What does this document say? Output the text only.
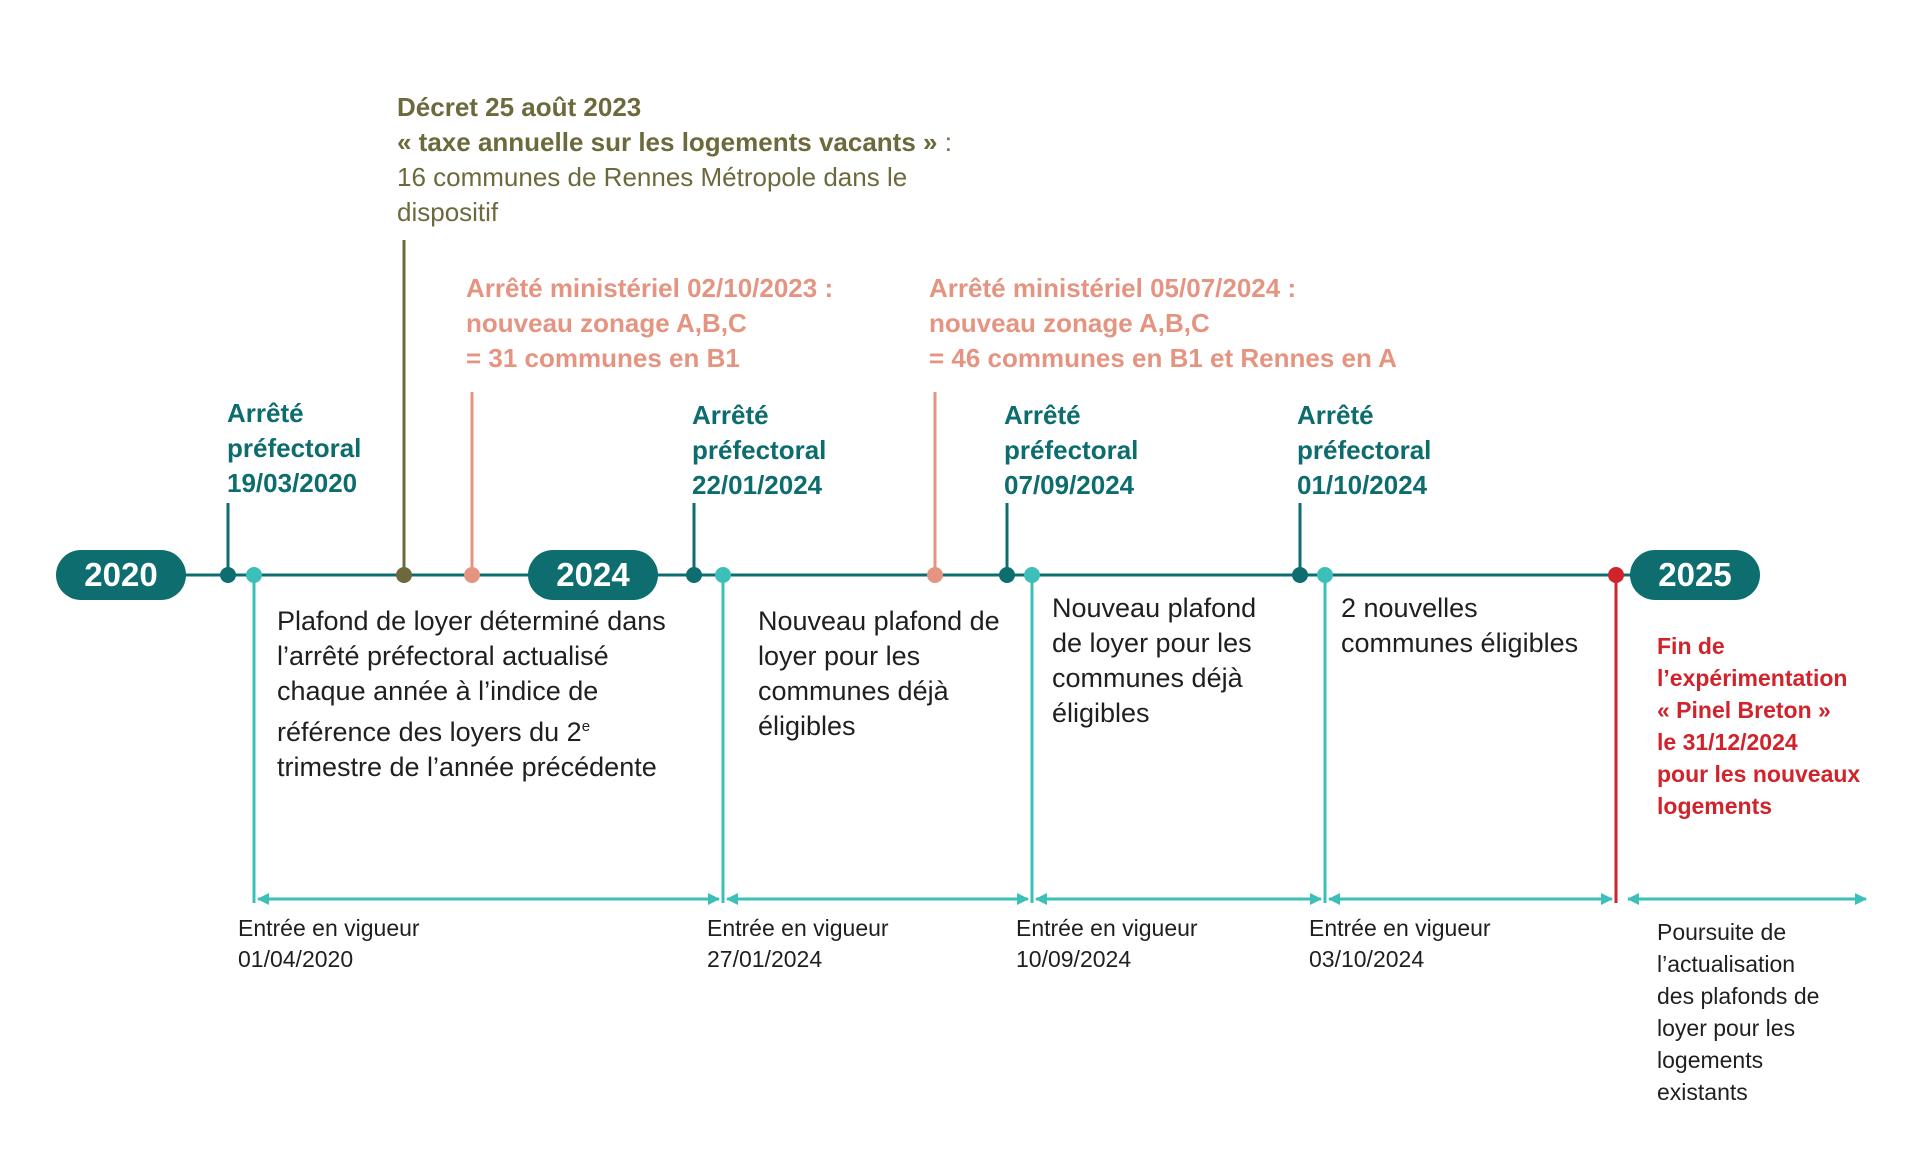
2020	2024	2025
Décret 25 août 2023
« taxe annuelle sur les logements vacants » :
16 communes de Rennes Métropole dans le
dispositif
Arrêté ministériel 02/10/2023 :
nouveau zonage A,B,C
= 31 communes en B1
Arrêté ministériel 05/07/2024 :
nouveau zonage A,B,C
= 46 communes en B1 et Rennes en A
Arrêté
préfectoral
19/03/2020
Arrêté
préfectoral
22/01/2024
Arrêté
préfectoral
07/09/2024
Arrêté
préfectoral
01/10/2024
Plafond de loyer déterminé dans
l’arrêté préfectoral actualisé
chaque année à l’indice de
référence des loyers du 2e
trimestre de l’année précédente
Nouveau plafond de
loyer pour les
communes déjà
éligibles
Nouveau plafond
de loyer pour les
communes déjà
éligibles
2 nouvelles
communes éligibles
Entrée en vigueur
01/04/2020
Entrée en vigueur
27/01/2024
Entrée en vigueur
10/09/2024
Entrée en vigueur
03/10/2024
Fin de
l’expérimentation
« Pinel Breton »
le 31/12/2024
pour les nouveaux
logements
Poursuite de
l’actualisation
des plafonds de
loyer pour les
logements
existants
